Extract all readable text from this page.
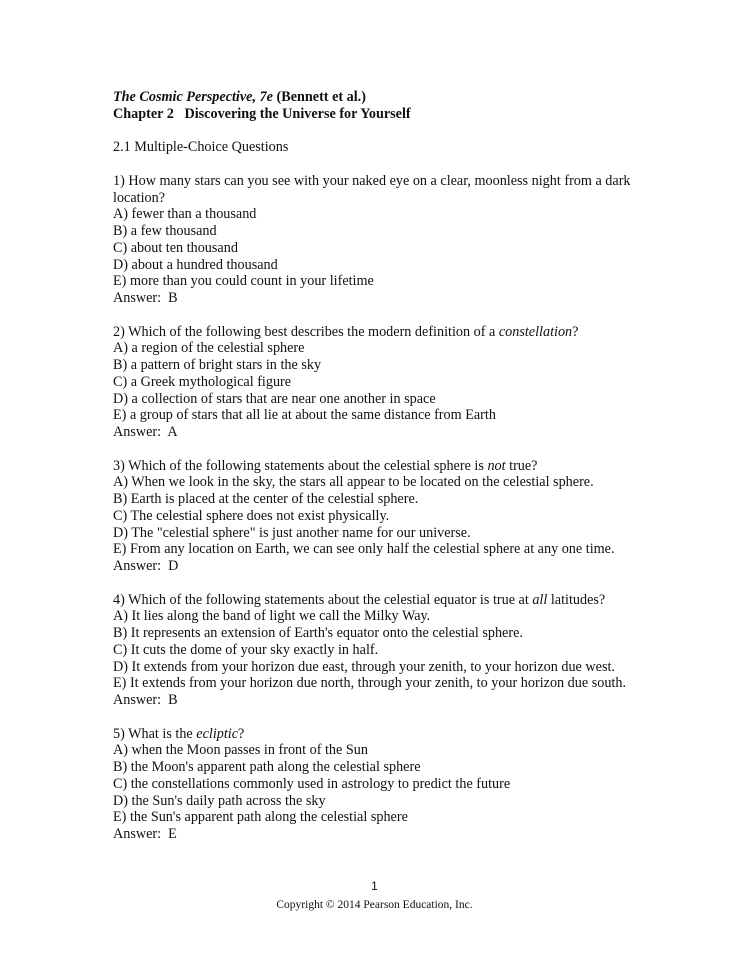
The Cosmic Perspective, 7e (Bennett et al.)
Chapter 2   Discovering the Universe for Yourself
2.1 Multiple-Choice Questions
1) How many stars can you see with your naked eye on a clear, moonless night from a dark
location?
A) fewer than a thousand
B) a few thousand
C) about ten thousand
D) about a hundred thousand
E) more than you could count in your lifetime
Answer:  B
2) Which of the following best describes the modern definition of a constellation?
A) a region of the celestial sphere
B) a pattern of bright stars in the sky
C) a Greek mythological figure
D) a collection of stars that are near one another in space
E) a group of stars that all lie at about the same distance from Earth
Answer:  A
3) Which of the following statements about the celestial sphere is not true?
A) When we look in the sky, the stars all appear to be located on the celestial sphere.
B) Earth is placed at the center of the celestial sphere.
C) The celestial sphere does not exist physically.
D) The "celestial sphere" is just another name for our universe.
E) From any location on Earth, we can see only half the celestial sphere at any one time.
Answer:  D
4) Which of the following statements about the celestial equator is true at all latitudes?
A) It lies along the band of light we call the Milky Way.
B) It represents an extension of Earth's equator onto the celestial sphere.
C) It cuts the dome of your sky exactly in half.
D) It extends from your horizon due east, through your zenith, to your horizon due west.
E) It extends from your horizon due north, through your zenith, to your horizon due south.
Answer:  B
5) What is the ecliptic?
A) when the Moon passes in front of the Sun
B) the Moon's apparent path along the celestial sphere
C) the constellations commonly used in astrology to predict the future
D) the Sun's daily path across the sky
E) the Sun's apparent path along the celestial sphere
Answer:  E
1
Copyright © 2014 Pearson Education, Inc.
